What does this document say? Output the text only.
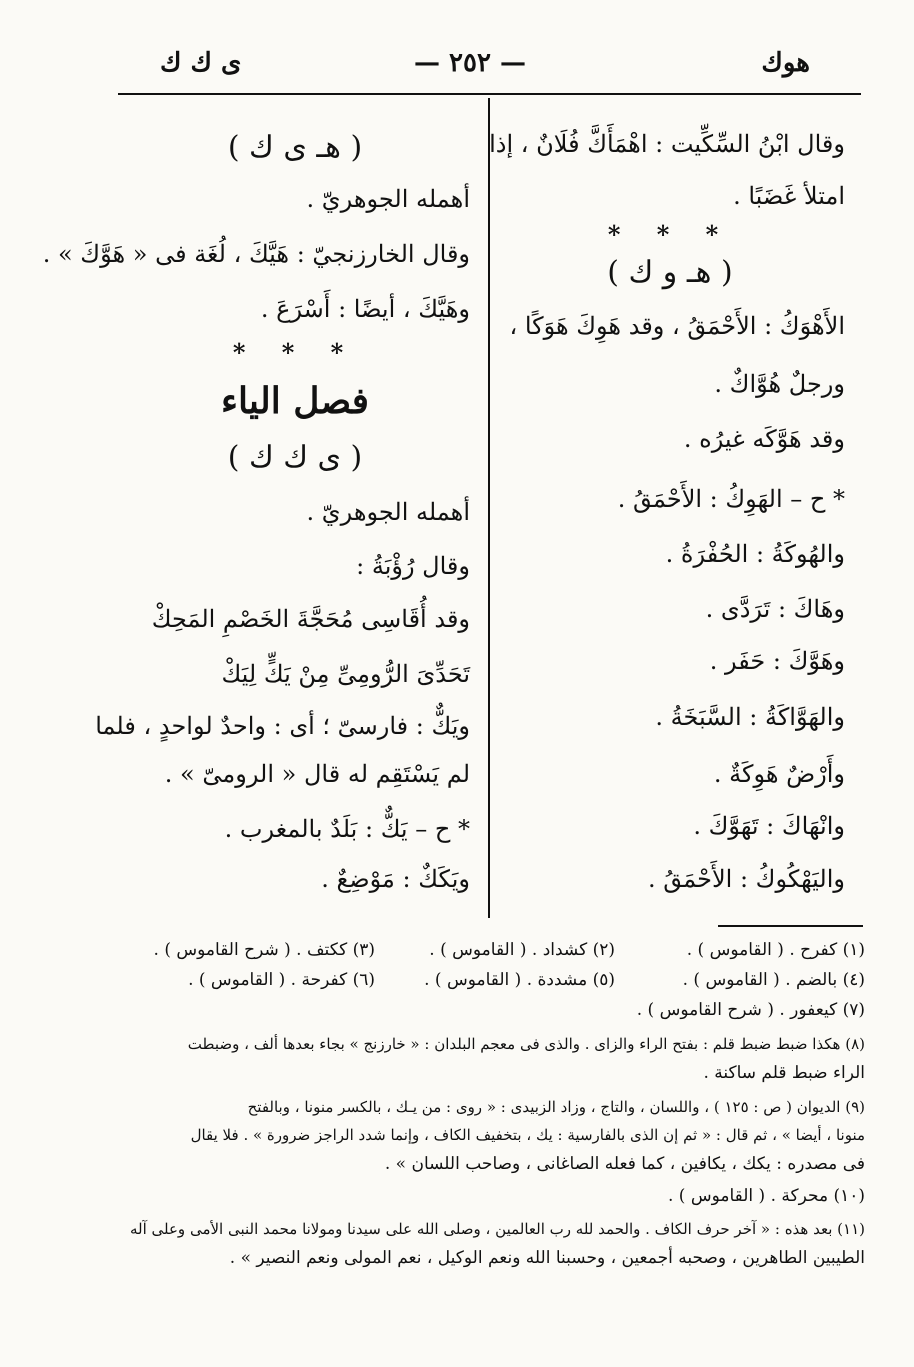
هوك
— ٢٥٢ —
ى ك ك
وقال ابْنُ السِّكِّيت : اهْمَأَكَّ فُلَانٌ ، إذا
امتلأ غَضَبًا .
* * *
( هـ و ك )
الأَهْوَكُ : الأَحْمَقُ ، وقد هَوِكَ هَوَكًا ،
ورجلٌ هُوَّاكٌ .
وقد هَوَّكَه غيرُه .
* ح – الهَوِكُ : الأَحْمَقُ .
والهُوكَةُ : الحُفْرَةُ .
وهَاكَ : تَرَدَّى .
وهَوَّكَ : حَفَر .
والهَوَّاكَةُ : السَّبَخَةُ .
وأَرْضٌ هَوِكَةٌ .
وانْهَاكَ : تَهَوَّكَ .
واليَهْكُوكُ : الأَحْمَقُ .
( هـ ى ك )
أهمله الجوهريّ .
وقال الخارزنجيّ : هَيَّكَ ، لُغَة فى « هَوَّكَ » .
وهَيَّكَ ، أيضًا : أَسْرَعَ .
* * *
فصل الياء
( ى ك ك )
أهمله الجوهريّ .
وقال رُؤْبَةُ :
وقد أُقَاسِى مُحَجَّةَ الخَصْمِ المَحِكْ
تَحَدِّىَ الرُّومِىِّ مِنْ يَكٍّ لِيَكْ
ويَكٌّ : فارسىّ ؛ أى : واحدٌ لواحدٍ ، فلما
لم يَسْتَقِم له قال « الرومىّ » .
* ح – يَكٌّ : بَلَدٌ بالمغرب .
ويَكَكٌ : مَوْضِعٌ .
(١) كفرح . ( القاموس ) .
(٢) كشداد . ( القاموس ) .
(٣) ككتف . ( شرح القاموس ) .
(٤) بالضم . ( القاموس ) .
(٥) مشددة . ( القاموس ) .
(٦) كفرحة . ( القاموس ) .
(٧) كيعفور . ( شرح القاموس ) .
(٨) هكذا ضبط ضبط قلم : بفتح الراء والزاى . والذى فى معجم البلدان : « خارزنج » بجاء بعدها ألف ، وضبطت
الراء ضبط قلم ساكنة .
(٩) الديوان ( ص : ١٢٥ ) ، واللسان ، والتاج ، وزاد الزبيدى : « روى : من يـك ، بالكسر منونا ، وبالفتح
منونا ، أيضا » ، ثم قال : « ثم إن الذى بالفارسية : يك ، بتخفيف الكاف ، وإنما شدد الراجز ضرورة » . فلا يقال
فى مصدره : يكك ، يكافين ، كما فعله الصاغانى ، وصاحب اللسان » .
(١٠) محركة . ( القاموس ) .
(١١) بعد هذه : « آخر حرف الكاف . والحمد لله رب العالمين ، وصلى الله على سيدنا ومولانا محمد النبى الأمى وعلى آله
الطيبين الطاهرين ، وصحبه أجمعين ، وحسبنا الله ونعم الوكيل ، نعم المولى ونعم النصير » .
